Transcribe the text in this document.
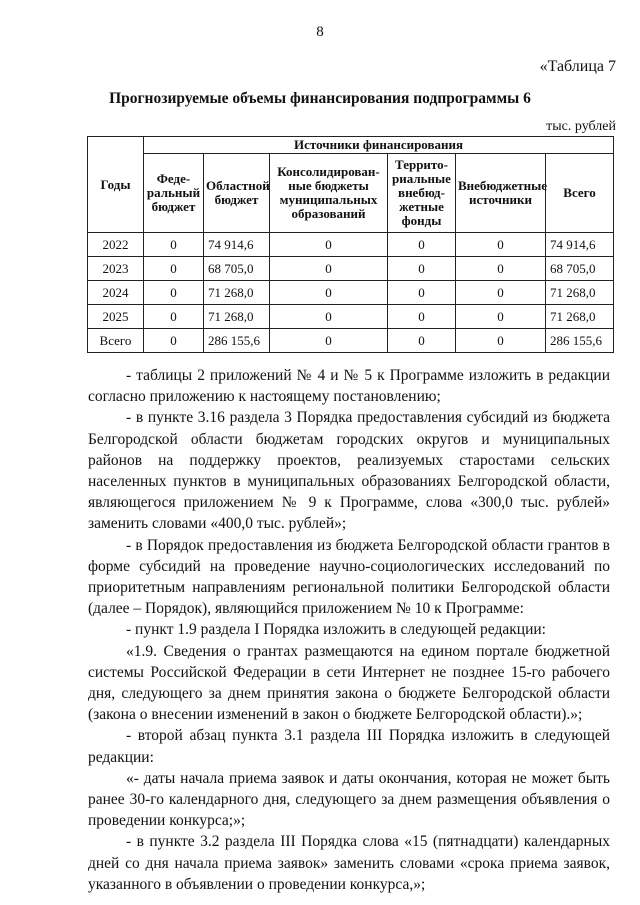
8
«Таблица 7
Прогнозируемые объемы финансирования подпрограммы 6
тыс. рублей
Годы	Источники финансирования					
	Феде-ральный бюджет	Областной бюджет	Консолидирован-ные бюджеты муниципальных образований	Террито-риальные внебюд-жетные фонды	Внебюджетные источники	Всего
2022	0	74 914,6	0	0	0	74 914,6
2023	0	68 705,0	0	0	0	68 705,0
2024	0	71 268,0	0	0	0	71 268,0
2025	0	71 268,0	0	0	0	71 268,0
Всего	0	286 155,6	0	0	0	286 155,6

- таблицы 2 приложений № 4 и № 5 к Программе изложить в редакции согласно приложению к настоящему постановлению;

- в пункте 3.16 раздела 3 Порядка предоставления субсидий из бюджета Белгородской области бюджетам городских округов и муниципальных районов на поддержку проектов, реализуемых старостами сельских населенных пунктов в муниципальных образованиях Белгородской области, являющегося приложением № 9 к Программе, слова «300,0 тыс. рублей» заменить словами «400,0 тыс. рублей»;

- в Порядок предоставления из бюджета Белгородской области грантов в форме субсидий на проведение научно-социологических исследований по приоритетным направлениям региональной политики Белгородской области (далее – Порядок), являющийся приложением № 10 к Программе:

- пункт 1.9 раздела I Порядка изложить в следующей редакции:

«1.9. Сведения о грантах размещаются на едином портале бюджетной системы Российской Федерации в сети Интернет не позднее 15-го рабочего дня, следующего за днем принятия закона о бюджете Белгородской области (закона о внесении изменений в закон о бюджете Белгородской области).»;

- второй абзац пункта 3.1 раздела III Порядка изложить в следующей редакции:

«- даты начала приема заявок и даты окончания, которая не может быть ранее 30-го календарного дня, следующего за днем размещения объявления о проведении конкурса;»;

- в пункте 3.2 раздела III Порядка слова «15 (пятнадцати) календарных дней со дня начала приема заявок» заменить словами «срока приема заявок, указанного в объявлении о проведении конкурса,»;
